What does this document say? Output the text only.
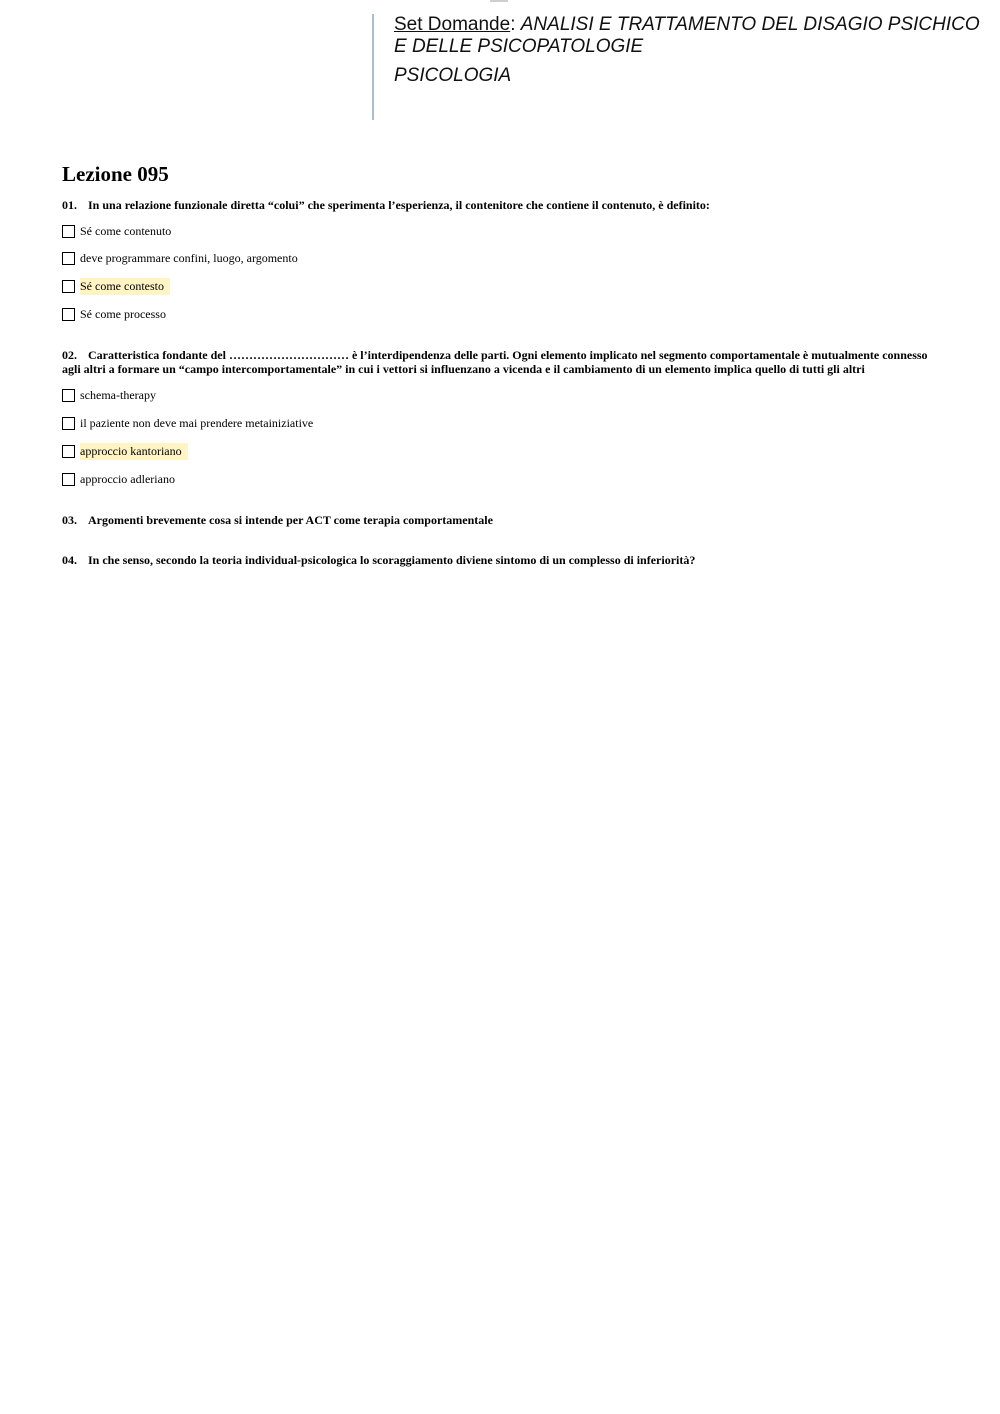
Set Domande: ANALISI E TRATTAMENTO DEL DISAGIO PSICHICO E DELLE PSICOPATOLOGIE
PSICOLOGIA
Lezione 095
01. In una relazione funzionale diretta “colui” che sperimenta l’esperienza, il contenitore che contiene il contenuto, è definito:
Sé come contenuto
deve programmare confini, luogo, argomento
Sé come contesto
Sé come processo
02. Caratteristica fondante del ………………………… è l’interdipendenza delle parti. Ogni elemento implicato nel segmento comportamentale è mutualmente connesso agli altri a formare un “campo intercomportamentale” in cui i vettori si influenzano a vicenda e il cambiamento di un elemento implica quello di tutti gli altri
schema-therapy
il paziente non deve mai prendere metainiziative
approccio kantoriano
approccio adleriano
03. Argomenti brevemente cosa si intende per ACT come terapia comportamentale
04. In che senso, secondo la teoria individual-psicologica lo scoraggiamento diviene sintomo di un complesso di inferiorità?
